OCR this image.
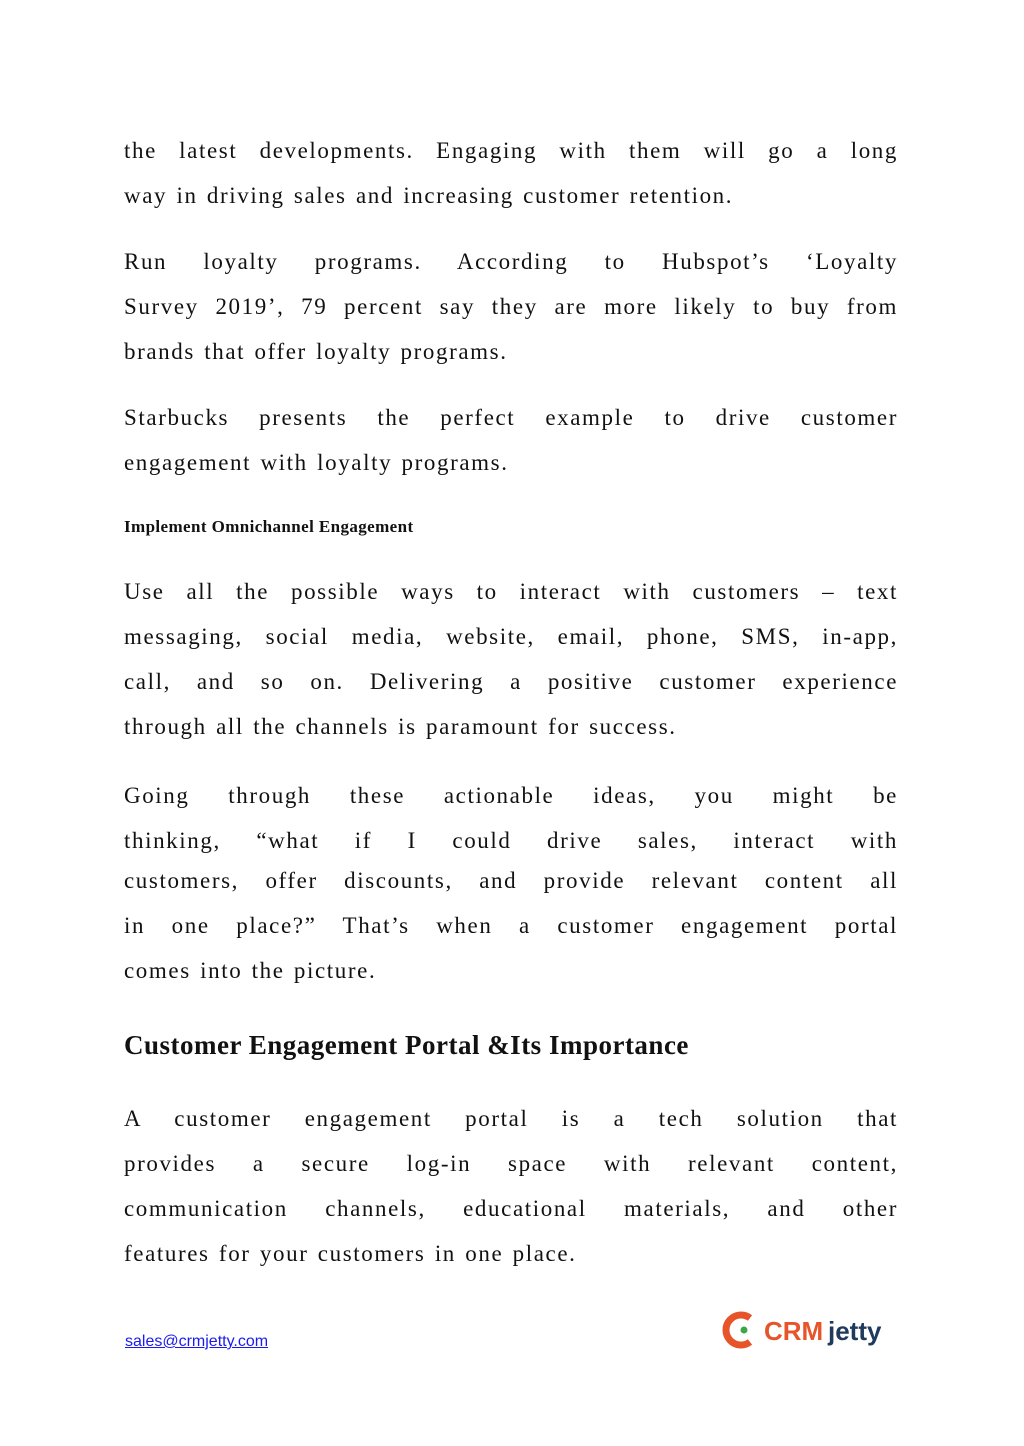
the latest developments. Engaging with them will go a long
way in driving sales and increasing customer retention.
Run loyalty programs. According to Hubspot’s ‘Loyalty
Survey 2019’, 79 percent say they are more likely to buy from
brands that offer loyalty programs.
Starbucks presents the perfect example to drive customer
engagement with loyalty programs.
Implement Omnichannel Engagement
Use all the possible ways to interact with customers – text
messaging, social media, website, email, phone, SMS, in-app,
call, and so on. Delivering a positive customer experience
through all the channels is paramount for success.
Going through these actionable ideas, you might be
thinking, “what if I could drive sales, interact with
customers, offer discounts, and provide relevant content all
in one place?” That’s when a customer engagement portal
comes into the picture.
Customer Engagement Portal &Its Importance
A customer engagement portal is a tech solution that
provides a secure log-in space with relevant content,
communication channels, educational materials, and other
features for your customers in one place.
sales@crmjetty.com	CRM jetty
